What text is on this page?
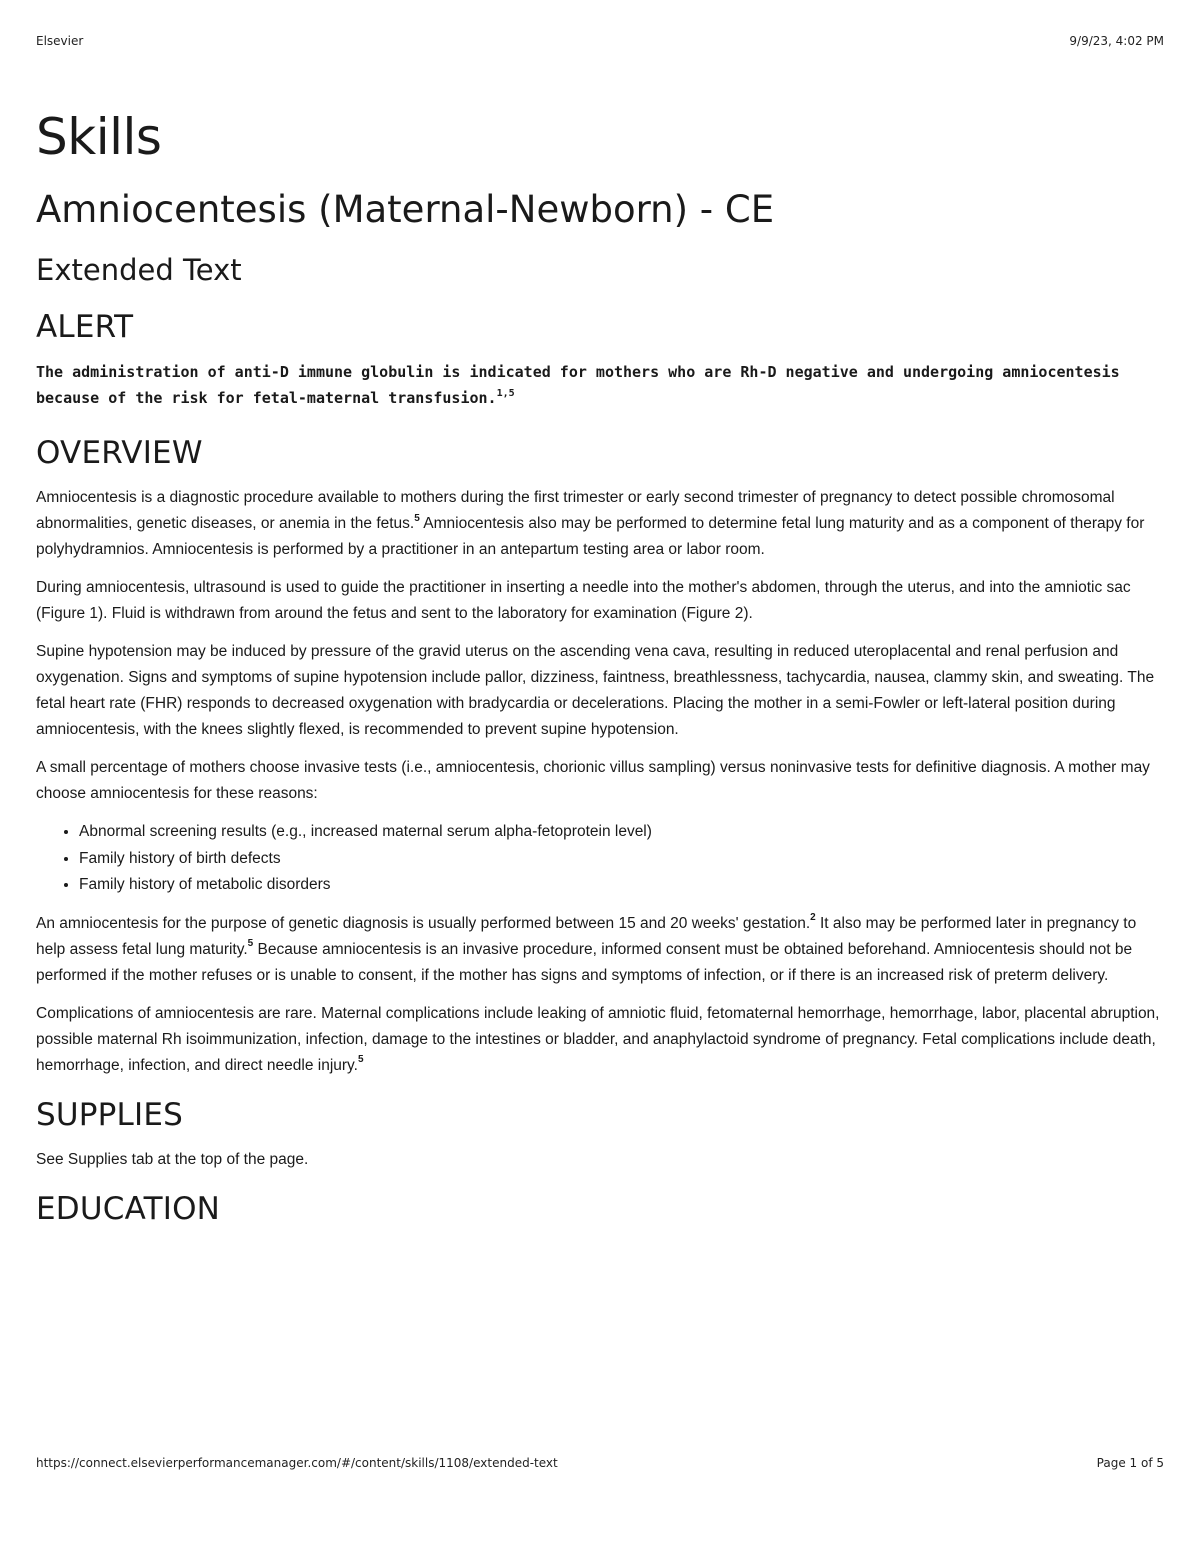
Elsevier	9/9/23, 4:02 PM
Skills
Amniocentesis (Maternal-Newborn) - CE
Extended Text
ALERT
The administration of anti-D immune globulin is indicated for mothers who are Rh-D negative and undergoing amniocentesis because of the risk for fetal-maternal transfusion.$^{1,5}$
OVERVIEW

Amniocentesis is a diagnostic procedure available to mothers during the first trimester or early second trimester of pregnancy to detect possible chromosomal abnormalities, genetic diseases, or anemia in the fetus.$^5$ Amniocentesis also may be performed to determine fetal lung maturity and as a component of therapy for polyhydramnios. Amniocentesis is performed by a practitioner in an antepartum testing area or labor room.

During amniocentesis, ultrasound is used to guide the practitioner in inserting a needle into the mother's abdomen, through the uterus, and into the amniotic sac (Figure 1). Fluid is withdrawn from around the fetus and sent to the laboratory for examination (Figure 2).

Supine hypotension may be induced by pressure of the gravid uterus on the ascending vena cava, resulting in reduced uteroplacental and renal perfusion and oxygenation. Signs and symptoms of supine hypotension include pallor, dizziness, faintness, breathlessness, tachycardia, nausea, clammy skin, and sweating. The fetal heart rate (FHR) responds to decreased oxygenation with bradycardia or decelerations. Placing the mother in a semi-Fowler or left-lateral position during amniocentesis, with the knees slightly flexed, is recommended to prevent supine hypotension.

A small percentage of mothers choose invasive tests (i.e., amniocentesis, chorionic villus sampling) versus noninvasive tests for definitive diagnosis. A mother may choose amniocentesis for these reasons:

• Abnormal screening results (e.g., increased maternal serum alpha-fetoprotein level)
• Family history of birth defects
• Family history of metabolic disorders

An amniocentesis for the purpose of genetic diagnosis is usually performed between 15 and 20 weeks' gestation.$^2$ It also may be performed later in pregnancy to help assess fetal lung maturity.$^5$ Because amniocentesis is an invasive procedure, informed consent must be obtained beforehand. Amniocentesis should not be performed if the mother refuses or is unable to consent, if the mother has signs and symptoms of infection, or if there is an increased risk of preterm delivery.

Complications of amniocentesis are rare. Maternal complications include leaking of amniotic fluid, fetomaternal hemorrhage, hemorrhage, labor, placental abruption, possible maternal Rh isoimmunization, infection, damage to the intestines or bladder, and anaphylactoid syndrome of pregnancy. Fetal complications include death, hemorrhage, infection, and direct needle injury.$^5$

SUPPLIES

See Supplies tab at the top of the page.

EDUCATION
https://connect.elsevierperformancemanager.com/#/content/skills/1108/extended-text	Page 1 of 5
